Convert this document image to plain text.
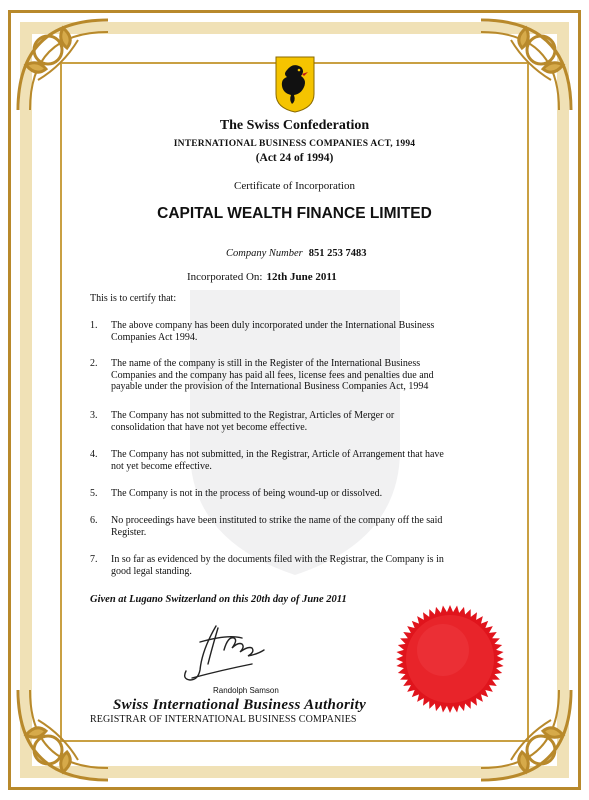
The Swiss Confederation

INTERNATIONAL BUSINESS COMPANIES ACT, 1994

(Act 24 of 1994)

Certificate of Incorporation

CAPITAL WEALTH FINANCE LIMITED

Company Number 851 253 7483

Incorporated On: 12th June 2011

This is to certify that:

1. The above company has been duly incorporated under the International Business
Companies Act 1994.
2. The name of the company is still in the Register of the International Business
Companies and the company has paid all fees, license fees and penalties due and
payable under the provision of the International Business Companies Act, 1994
3. The Company has not submitted to the Registrar, Articles of Merger or
consolidation that have not yet become effective.
4. The Company has not submitted, in the Registrar, Article of Arrangement that have
not yet become effective.
5. The Company is not in the process of being wound-up or dissolved.
6. No proceedings have been instituted to strike the name of the company off the said
Register.
7. In so far as evidenced by the documents filed with the Registrar, the Company is in
good legal standing.

Given at Lugano Switzerland on this 20th day of June 2011

Randolph Samson

Swiss International Business Authority

REGISTRAR OF INTERNATIONAL BUSINESS COMPANIES
